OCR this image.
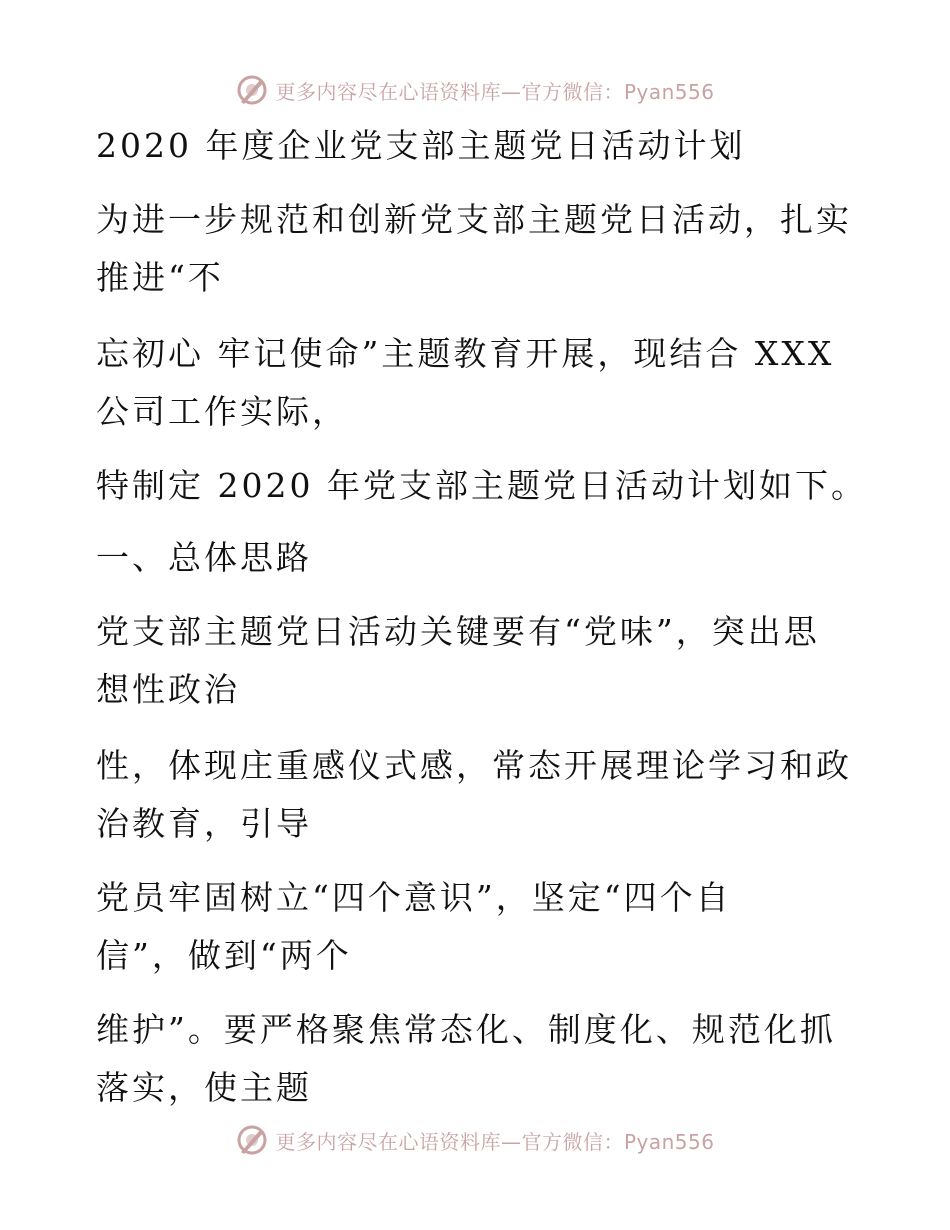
更多内容尽在心语资料库—官方微信：Pyan556
2020 年度企业党支部主题党日活动计划
为进一步规范和创新党支部主题党日活动，扎实
推进“不
忘初心 牢记使命”主题教育开展，现结合 XXX
公司工作实际，
特制定 2020 年党支部主题党日活动计划如下。
一、总体思路
党支部主题党日活动关键要有“党味”，突出思
想性政治
性，体现庄重感仪式感，常态开展理论学习和政
治教育，引导
党员牢固树立“四个意识”，坚定“四个自
信”，做到“两个
维护”。要严格聚焦常态化、制度化、规范化抓
落实，使主题
更多内容尽在心语资料库—官方微信：Pyan556
